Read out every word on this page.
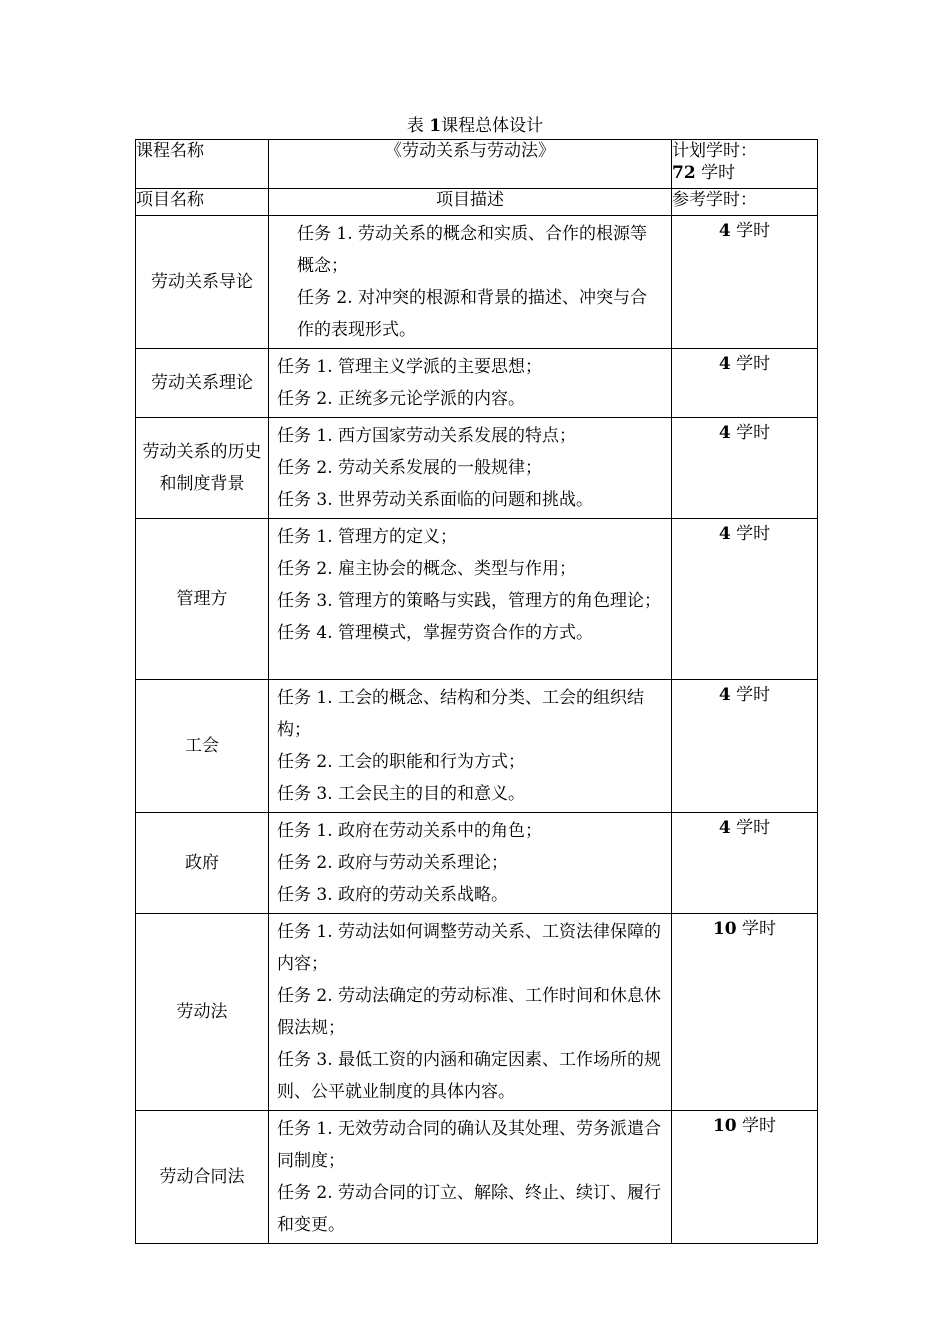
表 1课程总体设计
课程名称	《劳动关系与劳动法》	计划学时：
72 学时
项目名称	项目描述	参考学时：
劳动关系导论	任务 1. 劳动关系的概念和实质、合作的根源等概念；
任务 2. 对冲突的根源和背景的描述、冲突与合作的表现形式。	4 学时
劳动关系理论	任务 1. 管理主义学派的主要思想；
任务 2. 正统多元论学派的内容。	4 学时
劳动关系的历史和制度背景	任务 1. 西方国家劳动关系发展的特点；
任务 2. 劳动关系发展的一般规律；
任务 3. 世界劳动关系面临的问题和挑战。	4 学时
管理方	任务 1. 管理方的定义；
任务 2. 雇主协会的概念、类型与作用；
任务 3. 管理方的策略与实践，管理方的角色理论；
任务 4. 管理模式，掌握劳资合作的方式。	4 学时
工会	任务 1. 工会的概念、结构和分类、工会的组织结构；
任务 2. 工会的职能和行为方式；
任务 3. 工会民主的目的和意义。	4 学时
政府	任务 1. 政府在劳动关系中的角色；
任务 2. 政府与劳动关系理论；
任务 3. 政府的劳动关系战略。	4 学时
劳动法	任务 1. 劳动法如何调整劳动关系、工资法律保障的内容；
任务 2. 劳动法确定的劳动标准、工作时间和休息休假法规；
任务 3. 最低工资的内涵和确定因素、工作场所的规则、公平就业制度的具体内容。	10 学时
劳动合同法	任务 1. 无效劳动合同的确认及其处理、劳务派遣合同制度；
任务 2. 劳动合同的订立、解除、终止、续订、履行和变更。	10 学时
